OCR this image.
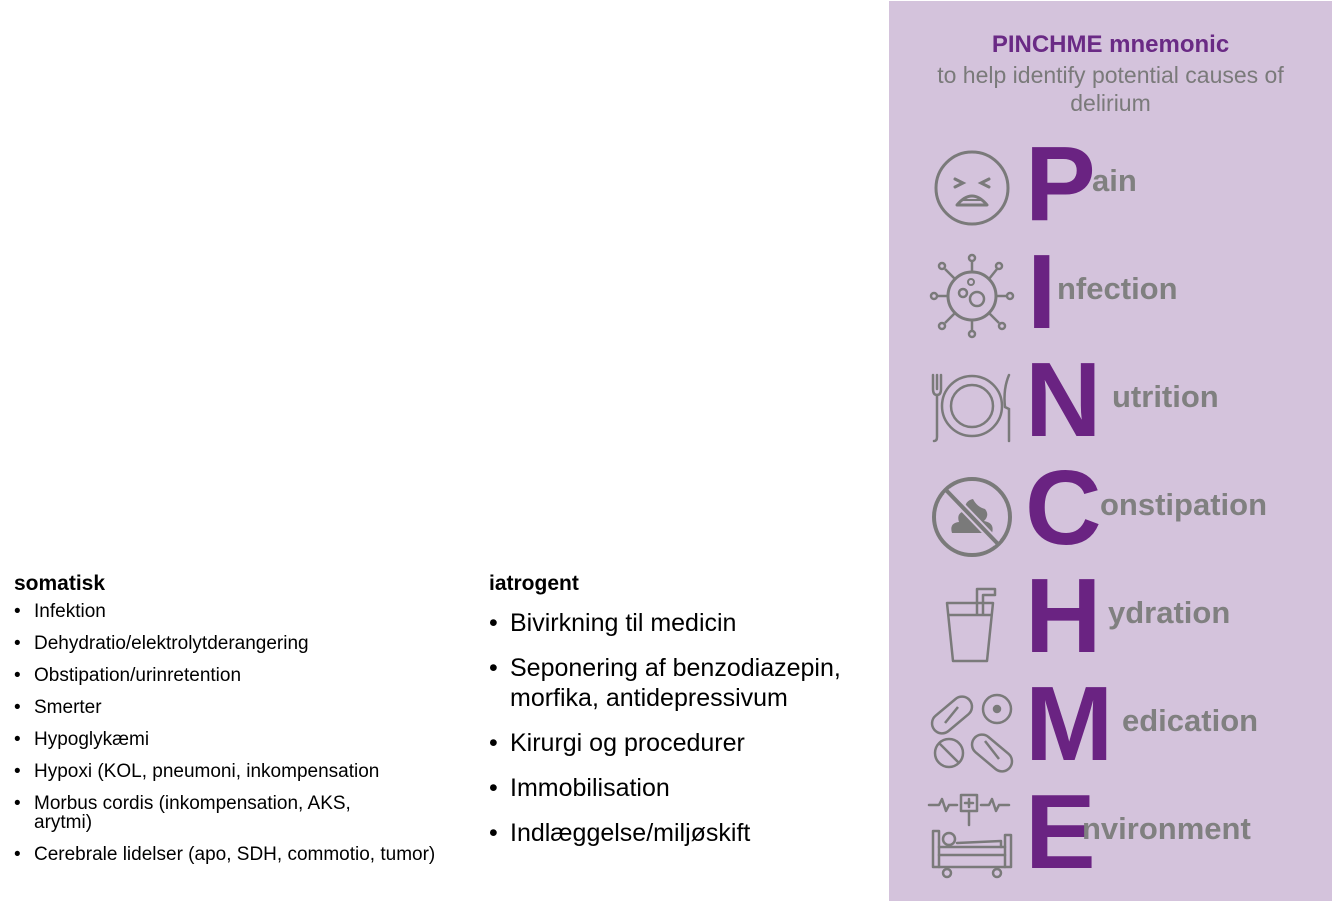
somatisk

• Infektion
• Dehydratio/elektrolytderangering
• Obstipation/urinretention
• Smerter
• Hypoglykæmi
• Hypoxi (KOL, pneumoni, inkompensation
• Morbus cordis (inkompensation, AKS, arytmi)
• Cerebrale lidelser (apo, SDH, commotio, tumor)

iatrogent

• Bivirkning til medicin
• Seponering af benzodiazepin, morfika, antidepressivum
• Kirurgi og procedurer
• Immobilisation
• Indlæggelse/miljøskift
PINCHME mnemonic
to help identify potential causes of delirium
P
ain
I nfection
N utrition
C
onstipation
H ydration
M edication
E
nvironment
